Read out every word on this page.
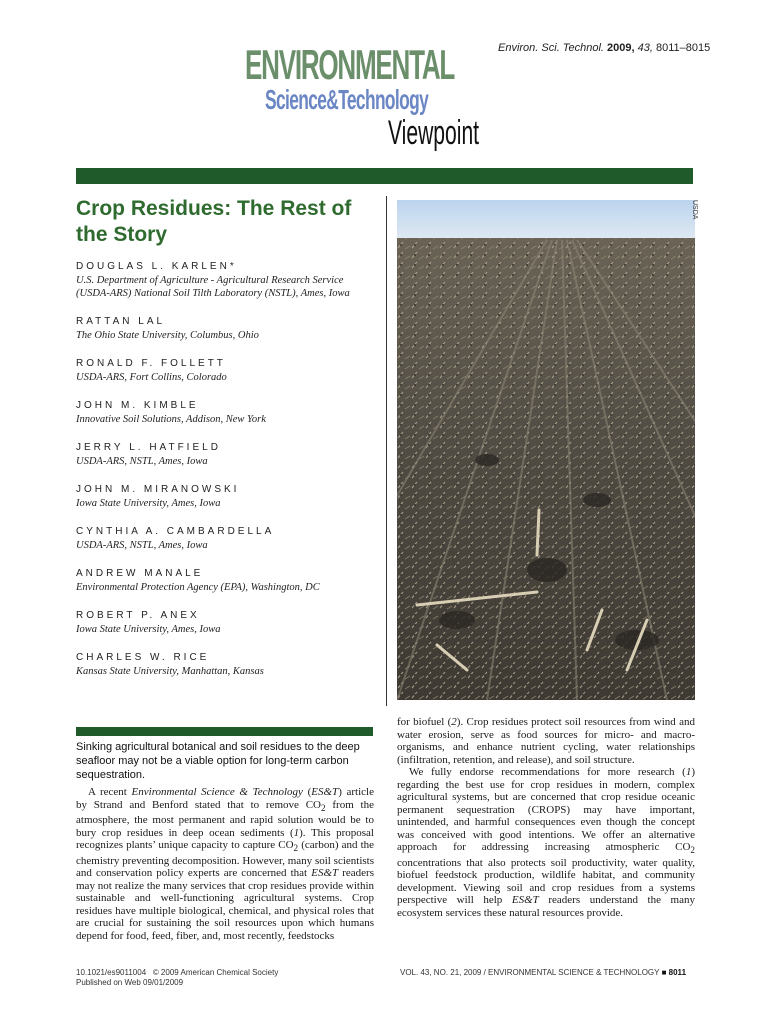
Environ. Sci. Technol. 2009, 43, 8011–8015
ENVIRONMENTAL
Science&Technology
Viewpoint
Crop Residues: The Rest of the Story
DOUGLAS L. KARLEN*
U.S. Department of Agriculture - Agricultural Research Service (USDA-ARS) National Soil Tilth Laboratory (NSTL), Ames, Iowa
RATTAN LAL
The Ohio State University, Columbus, Ohio
RONALD F. FOLLETT
USDA-ARS, Fort Collins, Colorado
JOHN M. KIMBLE
Innovative Soil Solutions, Addison, New York
JERRY L. HATFIELD
USDA-ARS, NSTL, Ames, Iowa
JOHN M. MIRANOWSKI
Iowa State University, Ames, Iowa
CYNTHIA A. CAMBARDELLA
USDA-ARS, NSTL, Ames, Iowa
ANDREW MANALE
Environmental Protection Agency (EPA), Washington, DC
ROBERT P. ANEX
Iowa State University, Ames, Iowa
CHARLES W. RICE
Kansas State University, Manhattan, Kansas
USDA
Sinking agricultural botanical and soil residues to the deep seafloor may not be a viable option for long-term carbon sequestration.
A recent Environmental Science & Technology (ES&T) article by Strand and Benford stated that to remove $CO_2$ from the atmosphere, the most permanent and rapid solution would be to bury crop residues in deep ocean sediments (1). This proposal recognizes plants’ unique capacity to capture $CO_2$ (carbon) and the chemistry preventing decomposition. However, many soil scientists and conservation policy experts are concerned that ES&T readers may not realize the many services that crop residues provide within sustainable and well-functioning agricultural systems. Crop residues have multiple biological, chemical, and physical roles that are crucial for sustaining the soil resources upon which humans depend for food, feed, fiber, and, most recently, feedstocks

for biofuel (2). Crop residues protect soil resources from wind and water erosion, serve as food sources for micro- and macro-organisms, and enhance nutrient cycling, water relationships (infiltration, retention, and release), and soil structure.

We fully endorse recommendations for more research (1) regarding the best use for crop residues in modern, complex agricultural systems, but are concerned that crop residue oceanic permanent sequestration (CROPS) may have important, unintended, and harmful consequences even though the concept was conceived with good intentions. We offer an alternative approach for addressing increasing atmospheric $CO_2$ concentrations that also protects soil productivity, water quality, biofuel feedstock production, wildlife habitat, and community development. Viewing soil and crop residues from a systems perspective will help ES&T readers understand the many ecosystem services these natural resources provide.

10.1021/es9011004 © 2009 American Chemical Society
Published on Web 09/01/2009
VOL. 43, NO. 21, 2009 / ENVIRONMENTAL SCIENCE & TECHNOLOGY ■ 8011
